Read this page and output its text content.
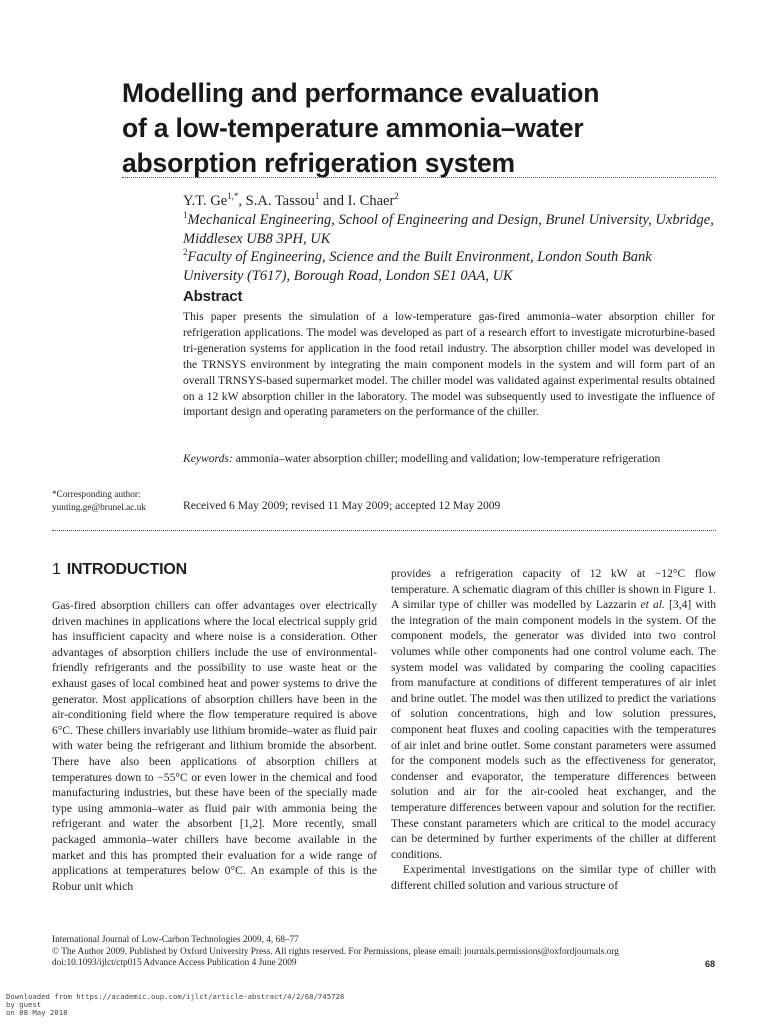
Modelling and performance evaluation
of a low-temperature ammonia–water
absorption refrigeration system
Y.T. $Ge^{1,*}$, S.A. Tassou$^1$ and I. Chaer$^2$
$^1$Mechanical Engineering, School of Engineering and Design, Brunel University, Uxbridge,
Middlesex UB8 3PH, UK
$^2$Faculty of Engineering, Science and the Built Environment, London South Bank
University (T617), Borough Road, London SE1 0AA, UK
Abstract
This paper presents the simulation of a low-temperature gas-fired ammonia–water absorption chiller for refrigeration applications. The model was developed as part of a research effort to investigate microturbine-based tri-generation systems for application in the food retail industry. The absorption chiller model was developed in the TRNSYS environment by integrating the main component models in the system and will form part of an overall TRNSYS-based supermarket model. The chiller model was validated against experimental results obtained on a 12 kW absorption chiller in the laboratory. The model was subsequently used to investigate the influence of important design and operating parameters on the performance of the chiller.
Keywords: ammonia–water absorption chiller; modelling and validation; low-temperature refrigeration
*Corresponding author:
yunting.ge@brunel.ac.uk	Received 6 May 2009; revised 11 May 2009; accepted 12 May 2009
1 INTRODUCTION

Gas-fired absorption chillers can offer advantages over electrically driven machines in applications where the local electrical supply grid has insufficient capacity and where noise is a consideration. Other advantages of absorption chillers include the use of environmental-friendly refrigerants and the possibility to use waste heat or the exhaust gases of local combined heat and power systems to drive the generator. Most applications of absorption chillers have been in the air-conditioning field where the flow temperature required is above 6°C. These chillers invariably use lithium bromide–water as fluid pair with water being the refrigerant and lithium bromide the absorbent. There have also been applications of absorption chillers at temperatures down to −55°C or even lower in the chemical and food manufacturing industries, but these have been of the specially made type using ammonia–water as fluid pair with ammonia being the refrigerant and water the absorbent [1,2]. More recently, small packaged ammonia–water chillers have become available in the market and this has prompted their evaluation for a wide range of applications at temperatures below 0°C. An example of this is the Robur unit which

provides a refrigeration capacity of 12 kW at −12°C flow temperature. A schematic diagram of this chiller is shown in Figure 1. A similar type of chiller was modelled by Lazzarin et al. [3,4] with the integration of the main component models in the system. Of the component models, the generator was divided into two control volumes while other components had one control volume each. The system model was validated by comparing the cooling capacities from manufacture at conditions of different temperatures of air inlet and brine outlet. The model was then utilized to predict the variations of solution concentrations, high and low solution pressures, component heat fluxes and cooling capacities with the temperatures of air inlet and brine outlet. Some constant parameters were assumed for the component models such as the effectiveness for generator, condenser and evaporator, the temperature differences between solution and air for the air-cooled heat exchanger, and the temperature differences between vapour and solution for the rectifier. These constant parameters which are critical to the model accuracy can be determined by further experiments of the chiller at different conditions.

Experimental investigations on the similar type of chiller with different chilled solution and various structure of

International Journal of Low-Carbon Technologies 2009, 4, 68–77
© The Author 2009. Published by Oxford University Press. All rights reserved. For Permissions, please email: journals.permissions@oxfordjournals.org
doi:10.1093/ijlct/ctp015 Advance Access Publication 4 June 2009	68
Downloaded from https://academic.oup.com/ijlct/article-abstract/4/2/68/745728
by guest
on 08 May 2018
